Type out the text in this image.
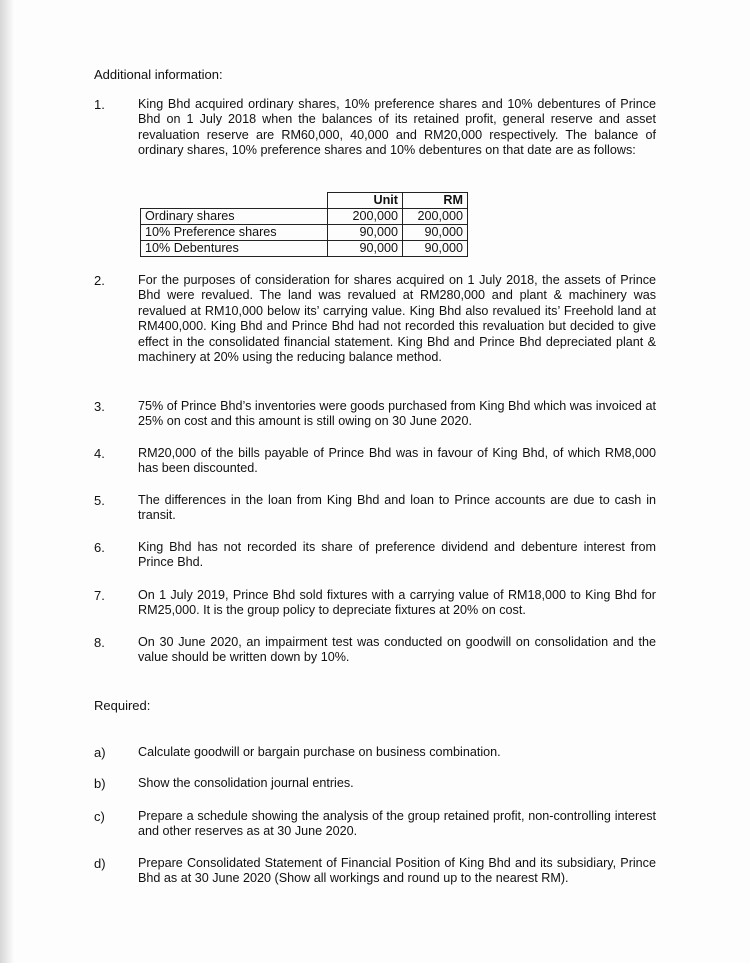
Additional information:
1.	King Bhd acquired ordinary shares, 10% preference shares and 10% debentures of Prince Bhd on 1 July 2018 when the balances of its retained profit, general reserve and asset revaluation reserve are RM60,000, 40,000 and RM20,000 respectively. The balance of ordinary shares, 10% preference shares and 10% debentures on that date are as follows:
	Unit	RM
Ordinary shares	200,000	200,000
10% Preference shares	90,000	90,000
10% Debentures	90,000	90,000
2.	For the purposes of consideration for shares acquired on 1 July 2018, the assets of Prince Bhd were revalued. The land was revalued at RM280,000 and plant & machinery was revalued at RM10,000 below its’ carrying value. King Bhd also revalued its’ Freehold land at RM400,000. King Bhd and Prince Bhd had not recorded this revaluation but decided to give effect in the consolidated financial statement. King Bhd and Prince Bhd depreciated plant & machinery at 20% using the reducing balance method.
3.	75% of Prince Bhd’s inventories were goods purchased from King Bhd which was invoiced at 25% on cost and this amount is still owing on 30 June 2020.
4.	RM20,000 of the bills payable of Prince Bhd was in favour of King Bhd, of which RM8,000 has been discounted.
5.	The differences in the loan from King Bhd and loan to Prince accounts are due to cash in transit.
6.	King Bhd has not recorded its share of preference dividend and debenture interest from Prince Bhd.
7.	On 1 July 2019, Prince Bhd sold fixtures with a carrying value of RM18,000 to King Bhd for RM25,000. It is the group policy to depreciate fixtures at 20% on cost.
8.	On 30 June 2020, an impairment test was conducted on goodwill on consolidation and the value should be written down by 10%.
Required:
a)	Calculate goodwill or bargain purchase on business combination.
b)	Show the consolidation journal entries.
c)	Prepare a schedule showing the analysis of the group retained profit, non-controlling interest and other reserves as at 30 June 2020.
d)	Prepare Consolidated Statement of Financial Position of King Bhd and its subsidiary, Prince Bhd as at 30 June 2020 (Show all workings and round up to the nearest RM).
